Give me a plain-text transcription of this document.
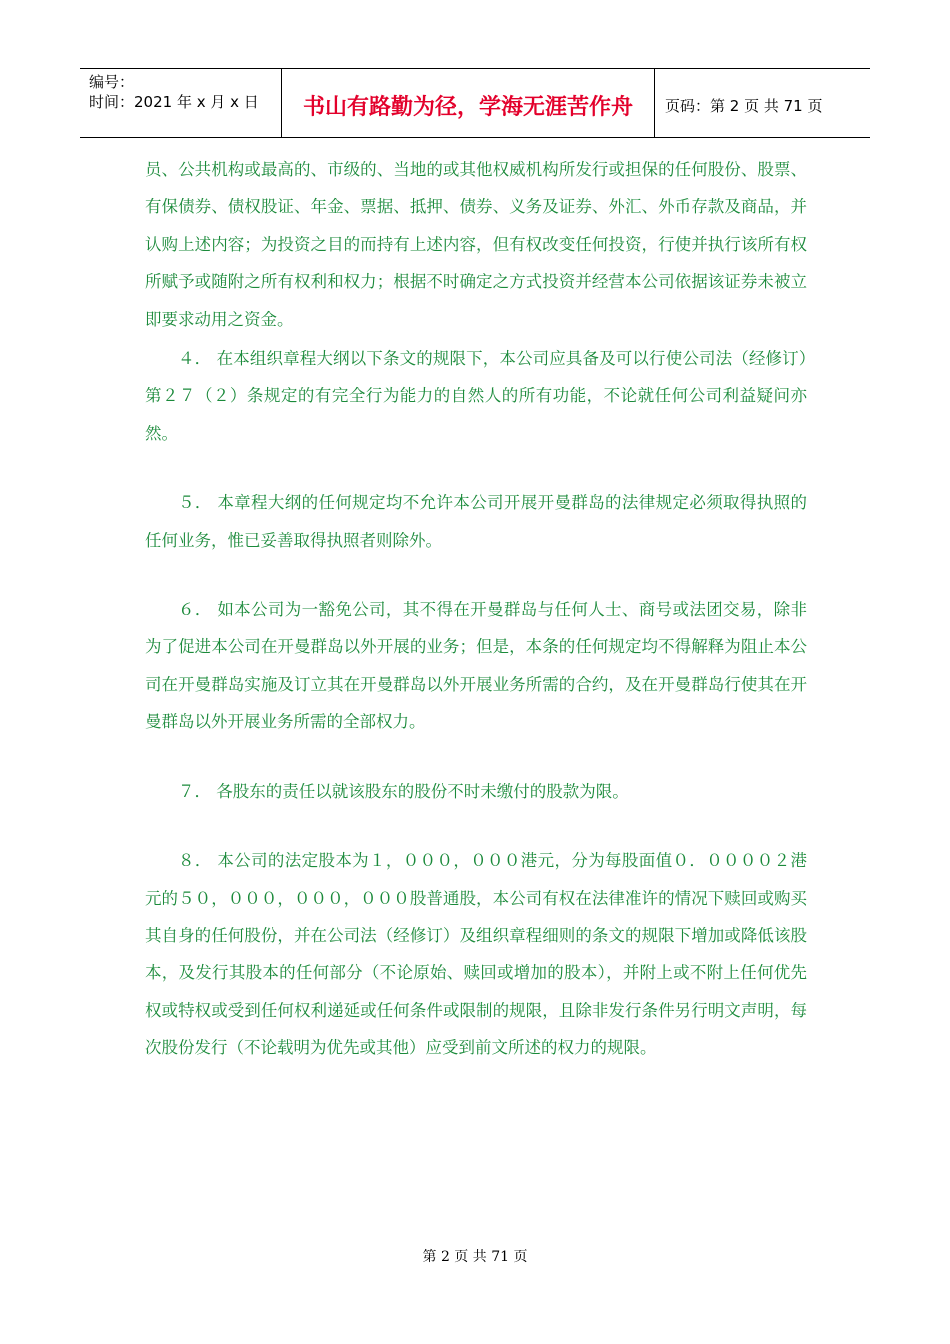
编号：
时间：2021 年 x 月 x 日	书山有路勤为径，学海无涯苦作舟 页码：第 2 页 共 71 页

员、公共机构或最高的、市级的、当地的或其他权威机构所发行或担保的任何股份、股票、有保债券、债权股证、年金、票据、抵押、债券、义务及证券、外汇、外币存款及商品，并认购上述内容；为投资之目的而持有上述内容，但有权改变任何投资，行使并执行该所有权所赋予或随附之所有权利和权力；根据不时确定之方式投资并经营本公司依据该证券未被立即要求动用之资金。

４． 在本组织章程大纲以下条文的规限下，本公司应具备及可以行使公司法（经修订）第２７（２）条规定的有完全行为能力的自然人的所有功能，不论就任何公司利益疑问亦然。

５． 本章程大纲的任何规定均不允许本公司开展开曼群岛的法律规定必须取得执照的任何业务，惟已妥善取得执照者则除外。

６． 如本公司为一豁免公司，其不得在开曼群岛与任何人士、商号或法团交易，除非为了促进本公司在开曼群岛以外开展的业务；但是，本条的任何规定均不得解释为阻止本公司在开曼群岛实施及订立其在开曼群岛以外开展业务所需的合约，及在开曼群岛行使其在开曼群岛以外开展业务所需的全部权力。

７． 各股东的责任以就该股东的股份不时未缴付的股款为限。

８． 本公司的法定股本为１，０００，０００港元，分为每股面值０．００００２港元的５０，０００，０００，０００股普通股，本公司有权在法律准许的情况下赎回或购买其自身的任何股份，并在公司法（经修订）及组织章程细则的条文的规限下增加或降低该股本，及发行其股本的任何部分（不论原始、赎回或增加的股本），并附上或不附上任何优先权或特权或受到任何权利递延或任何条件或限制的规限，且除非发行条件另行明文声明，每次股份发行（不论载明为优先或其他）应受到前文所述的权力的规限。

第 2 页 共 71 页
